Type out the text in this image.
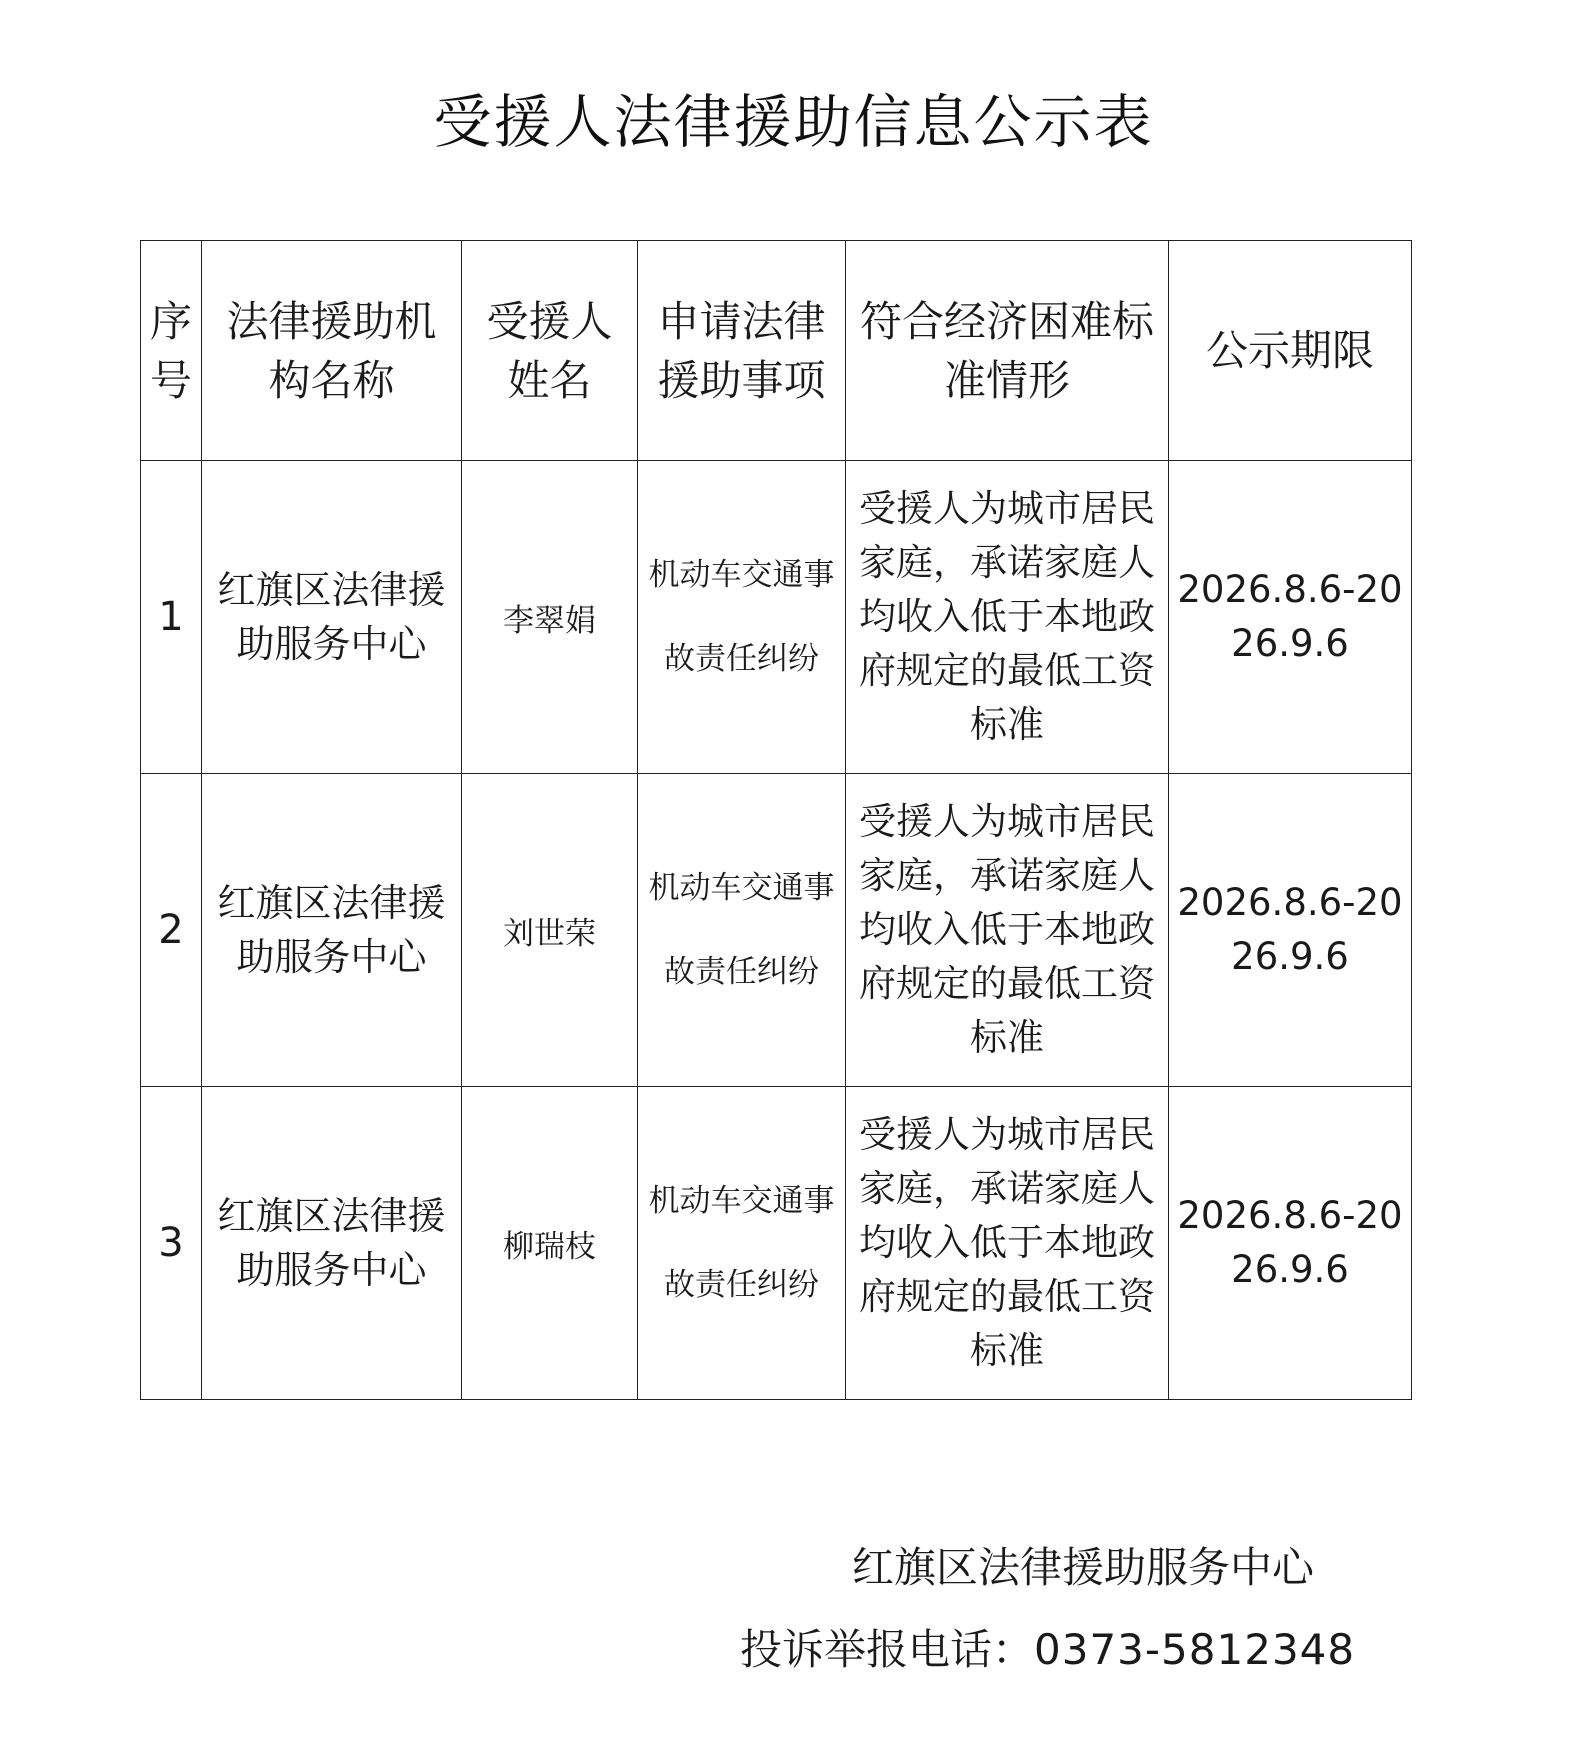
受援人法律援助信息公示表
序号	法律援助机构名称	受援人姓名	申请法律援助事项	符合经济困难标准情形	公示期限
1	红旗区法律援助服务中心	李翠娟	机动车交通事故责任纠纷	受援人为城市居民家庭，承诺家庭人均收入低于本地政府规定的最低工资标准	2026.8.6-2026.9.6
2	红旗区法律援助服务中心	刘世荣	机动车交通事故责任纠纷	受援人为城市居民家庭，承诺家庭人均收入低于本地政府规定的最低工资标准	2026.8.6-2026.9.6
3	红旗区法律援助服务中心	柳瑞枝	机动车交通事故责任纠纷	受援人为城市居民家庭，承诺家庭人均收入低于本地政府规定的最低工资标准	2026.8.6-2026.9.6
红旗区法律援助服务中心
投诉举报电话：0373-5812348
